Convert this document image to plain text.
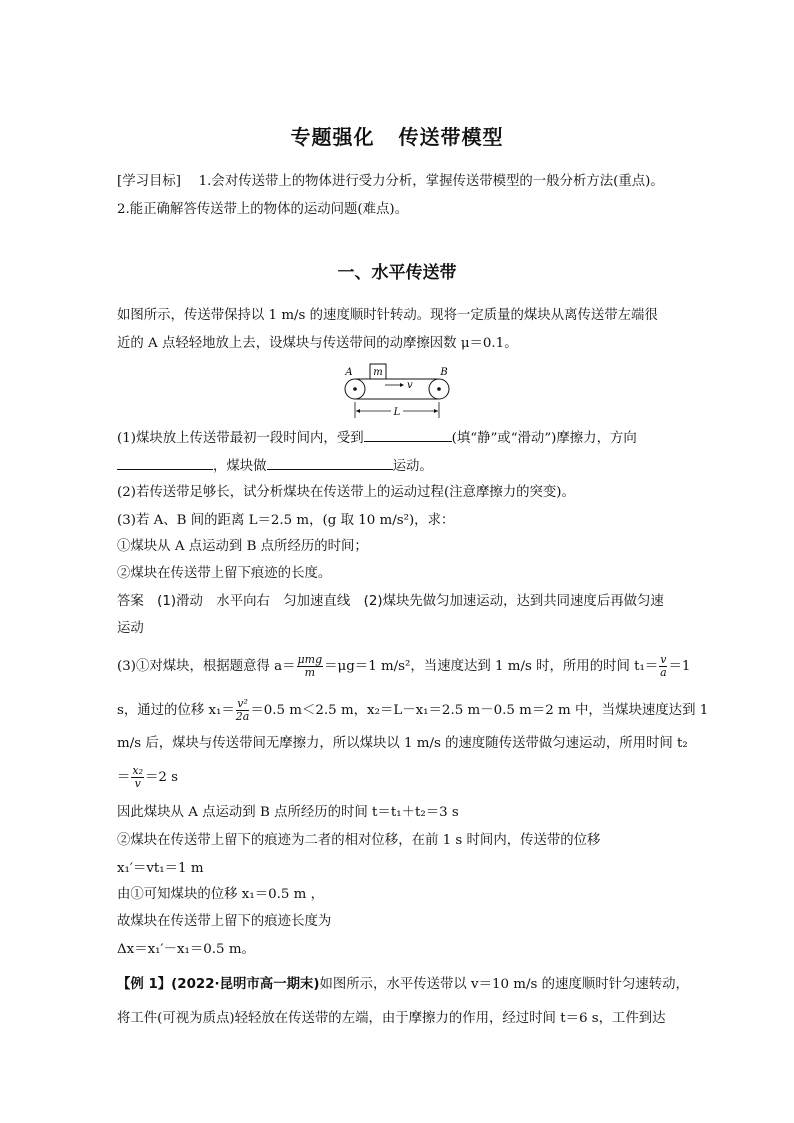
专题强化 传送带模型
[学习目标]　 1.会对传送带上的物体进行受力分析，掌握传送带模型的一般分析方法(重点)。
2.能正确解答传送带上的物体的运动问题(难点)。
一、水平传送带
如图所示，传送带保持以 1 m/s 的速度顺时针转动。现将一定质量的煤块从离传送带左端很
近的 A 点轻轻地放上去，设煤块与传送带间的动摩擦因数 μ＝0.1。
m
v
A	B
L
(1)煤块放上传送带最初一段时间内，受到	(填“静”或“滑动”)摩擦力，方向
，煤块做	运动。
(2)若传送带足够长，试分析煤块在传送带上的运动过程(注意摩擦力的突变)。
(3)若 A、B 间的距离 L＝2.5 m，(g 取 10 m/s²)，求：
①煤块从 A 点运动到 B 点所经历的时间；
②煤块在传送带上留下痕迹的长度。
答案　(1)滑动　水平向右　匀加速直线　(2)煤块先做匀加速运动，达到共同速度后再做匀速
运动
(3)①对煤块，根据题意得 $a= \frac{\text{μmg}}{m} =\mu g=1$ m/s²，当速度达到 1 m/s 时，所用的时间 $t_1= \frac{v}{a} =1$
s，通过的位移 $x_1= \frac{\text{v²}}{2a} =0.5$ m＜2.5 m，x₂＝L－x₁＝2.5 m－0.5 m＝2 m 中，当煤块速度达到 1
m/s 后，煤块与传送带间无摩擦力，所以煤块以 1 m/s 的速度随传送带做匀速运动，所用时间 t₂
＝ $\frac{\text{x₂}}{v} =2$ s
因此煤块从 A 点运动到 B 点所经历的时间 t＝t₁＋t₂＝3 s
②煤块在传送带上留下的痕迹为二者的相对位移，在前 1 s 时间内，传送带的位移
x₁′＝vt₁＝1 m
由①可知煤块的位移 x₁＝0.5 m ，
故煤块在传送带上留下的痕迹长度为
Δx＝x₁′－x₁＝0.5 m。
【例 1】(2022·昆明市高一期末)如图所示，水平传送带以 v＝10 m/s 的速度顺时针匀速转动，
将工件(可视为质点)轻轻放在传送带的左端，由于摩擦力的作用，经过时间 t＝6 s，工件到达
